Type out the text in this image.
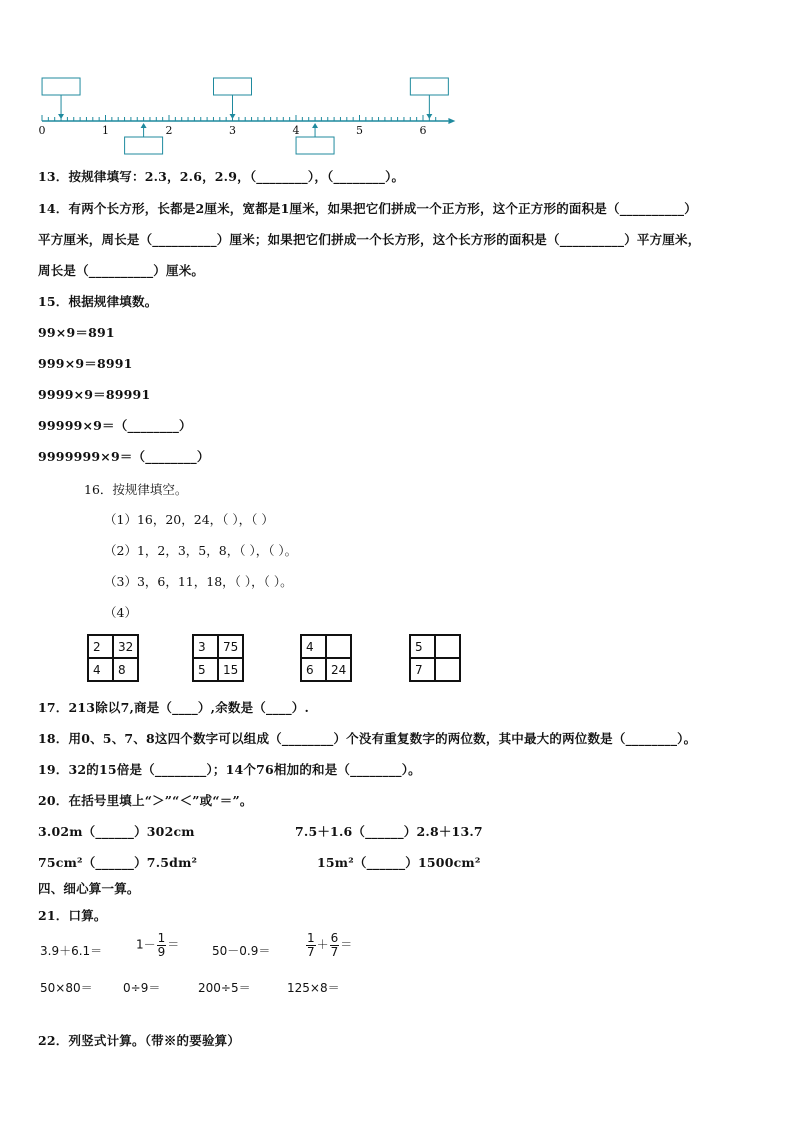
0	1	2	3	4	5	6
13．按规律填写：2.3，2.6，2.9，（________），（________）。
14．有两个长方形，长都是2厘米，宽都是1厘米，如果把它们拼成一个正方形，这个正方形的面积是（__________）
平方厘米，周长是（__________）厘米；如果把它们拼成一个长方形，这个长方形的面积是（__________）平方厘米，
周长是（__________）厘米。
15．根据规律填数。
99×9＝891
999×9＝8991
9999×9＝89991
99999×9＝（________）
9999999×9＝（________）
16．按规律填空。
（1）16，20，24，（ ），（ ）
（2）1，2，3，5，8，（ ），（ ）。
（3）3，6，11，18，（ ），（ ）。
（4）
2	32
4	8
3	75
5	15
4
6	24
5
7
17．213除以7,商是（____）,余数是（____）.
18．用0、5、7、8这四个数字可以组成（________）个没有重复数字的两位数，其中最大的两位数是（________）。
19．32的15倍是（________）；14个76相加的和是（________）。
20．在括号里填上“＞”“＜”或“＝”。
3.02m（______）302cm	7.5＋1.6（______）2.8＋13.7
75cm²（______）7.5dm²	15m²（______）1500cm²
四、细心算一算。
21．口算。
3.9＋6.1＝	$1- \frac{1}{9}$ ＝	50－0.9＝	$\frac{1}{7} + \frac{6}{7}$ ＝
50×80＝	0÷9＝	200÷5＝	125×8＝
22．列竖式计算。（带※的要验算）
